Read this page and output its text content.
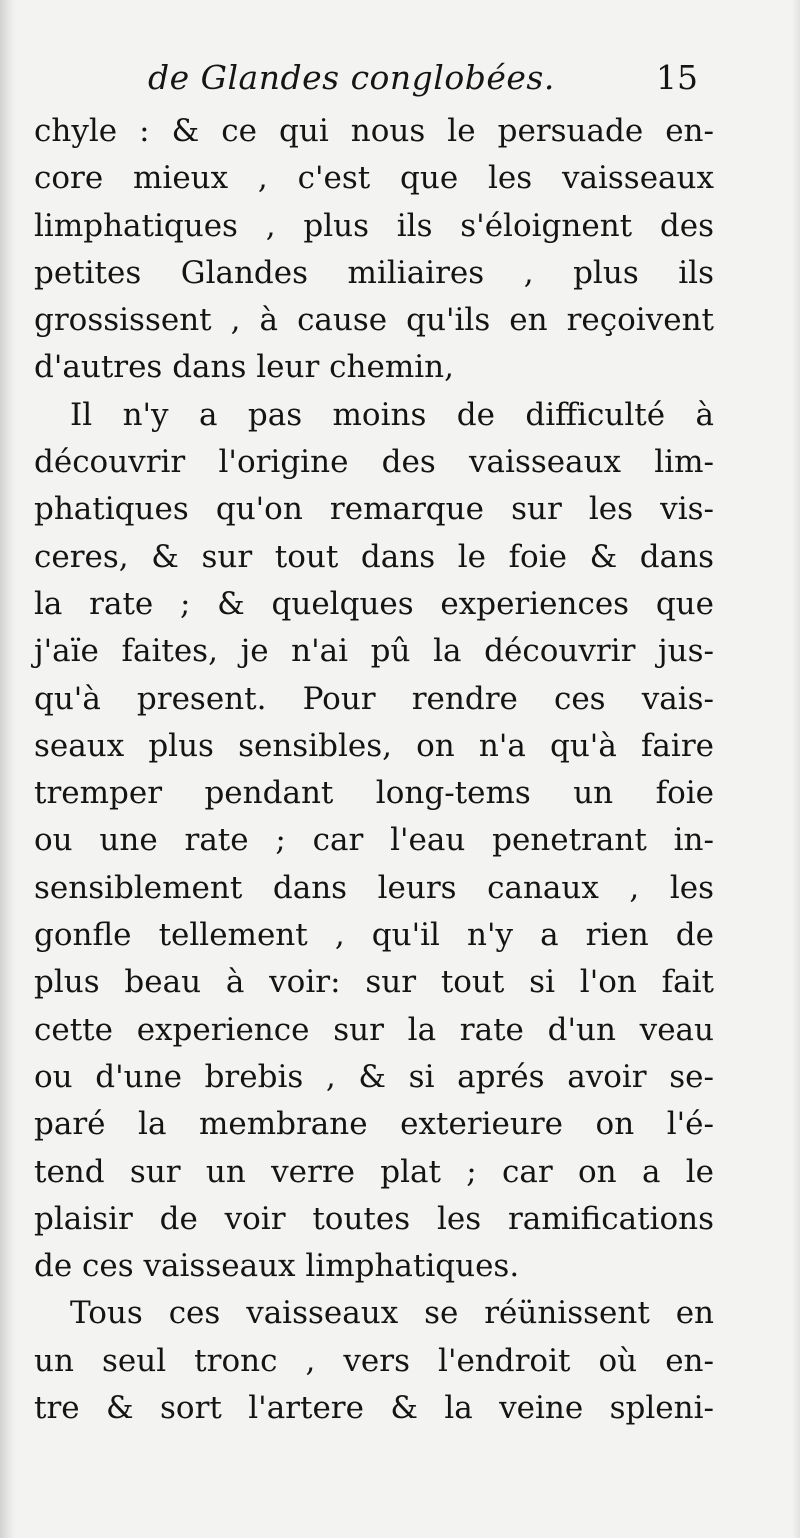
de Glandes conglobées.	15
chyle : & ce qui nous le persuade en-
core mieux , c'est que les vaisseaux
limphatiques , plus ils s'éloignent des
petites Glandes miliaires , plus ils
grossissent , à cause qu'ils en reçoivent
d'autres dans leur chemin,
Il n'y a pas moins de difficulté à
découvrir l'origine des vaisseaux lim-
phatiques qu'on remarque sur les vis-
ceres, & sur tout dans le foie & dans
la rate ; & quelques experiences que
j'aïe faites, je n'ai pû la découvrir jus-
qu'à present. Pour rendre ces vais-
seaux plus sensibles, on n'a qu'à faire
tremper pendant long-tems un foie
ou une rate ; car l'eau penetrant in-
sensiblement dans leurs canaux , les
gonfle tellement , qu'il n'y a rien de
plus beau à voir: sur tout si l'on fait
cette experience sur la rate d'un veau
ou d'une brebis , & si aprés avoir se-
paré la membrane exterieure on l'é-
tend sur un verre plat ; car on a le
plaisir de voir toutes les ramifications
de ces vaisseaux limphatiques.
Tous ces vaisseaux se réünissent en
un seul tronc , vers l'endroit où en-
tre & sort l'artere & la veine spleni-
